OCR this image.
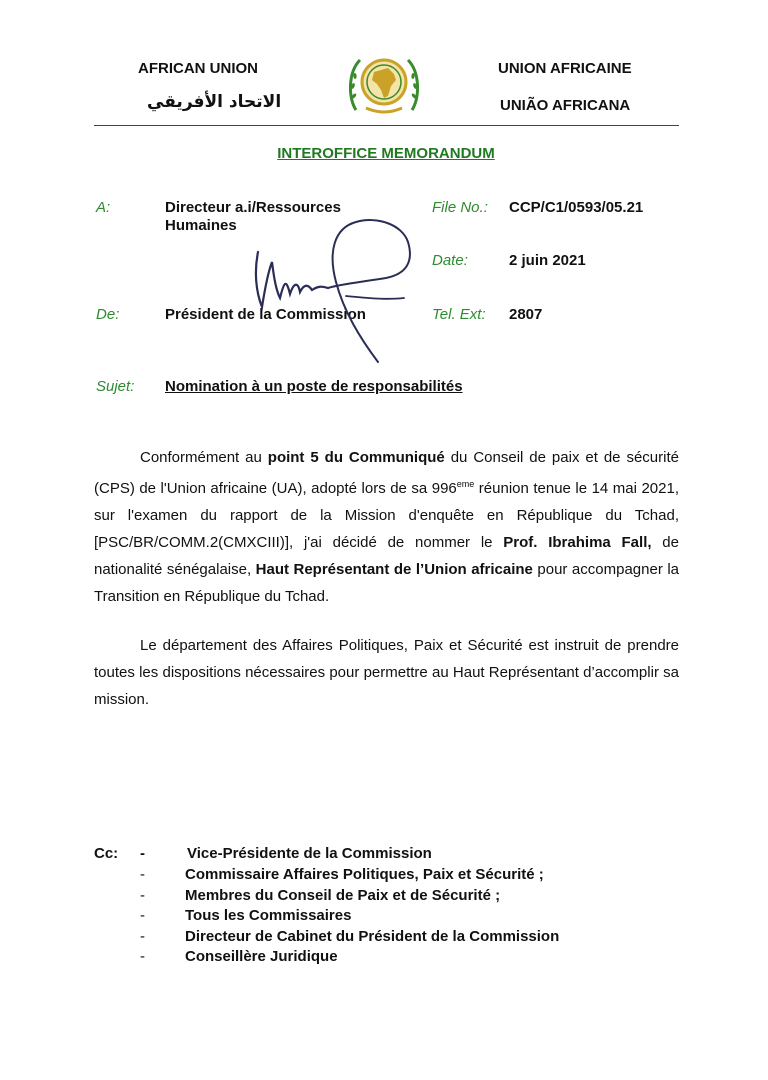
AFRICAN UNION
الاتحاد الأفريقي
UNION AFRICAINE
UNIÃO AFRICANA
INTEROFFICE MEMORANDUM
A:	Directeur a.i/Ressources
Humaines
File No.: CCP/C1/0593/05.21
Date:	2 juin 2021
De:	Président de la Commission	Tel. Ext: 2807
Sujet: Nomination à un poste de responsabilités

Conformément au point 5 du Communiqué du Conseil de paix et de sécurité (CPS) de l'Union africaine (UA), adopté lors de sa 996eme réunion tenue le 14 mai 2021, sur l'examen du rapport de la Mission d'enquête en République du Tchad, [PSC/BR/COMM.2(CMXCIII)], j'ai décidé de nommer le Prof. Ibrahima Fall, de nationalité sénégalaise, Haut Représentant de l’Union africaine pour accompagner la Transition en République du Tchad.

Le département des Affaires Politiques, Paix et Sécurité est instruit de prendre toutes les dispositions nécessaires pour permettre au Haut Représentant d’accomplir sa mission.

Cc: -	Vice-Présidente de la Commission
-	Commissaire Affaires Politiques, Paix et Sécurité ;
-	Membres du Conseil de Paix et de Sécurité ;
-	Tous les Commissaires
-	Directeur de Cabinet du Président de la Commission
-	Conseillère Juridique
